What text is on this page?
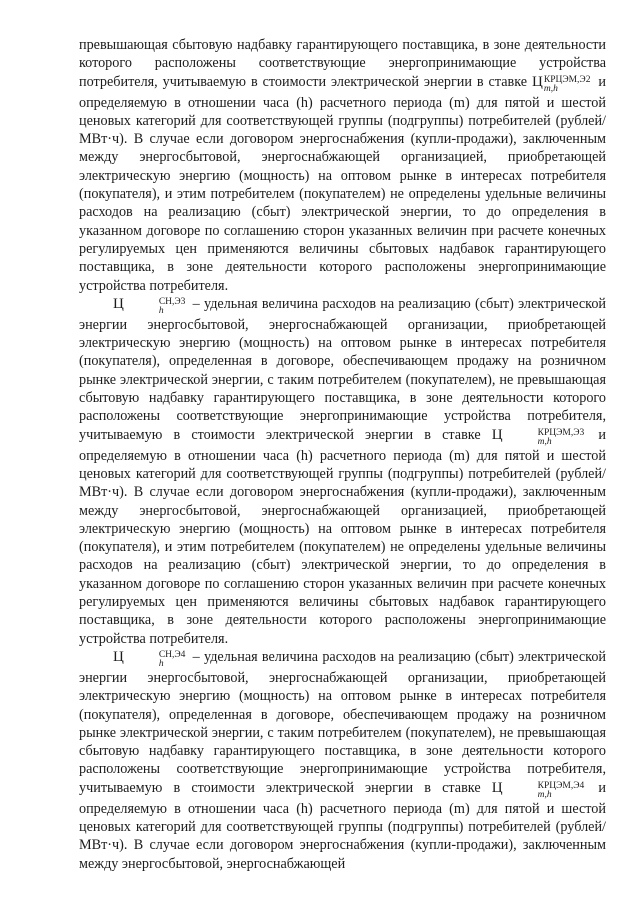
превышающая сбытовую надбавку гарантирующего поставщика, в зоне деятельности которого расположены соответствующие энергопринимающие устройства потребителя, учитываемую в стоимости электрической энергии в ставке Ц КРЦЭМ,Э2
m,h	и определяемую в отношении часа (h) расчетного периода (m) для пятой и шестой ценовых категорий для соответствующей группы (подгруппы) потребителей (рублей/МВт·ч). В случае если договором энергоснабжения (купли-продажи), заключенным между энергосбытовой, энергоснабжающей организацией, приобретающей электрическую энергию (мощность) на оптовом рынке в интересах потребителя (покупателя), и этим потребителем (покупателем) не определены удельные величины расходов на реализацию (сбыт) электрической энергии, то до определения в указанном договоре по соглашению сторон указанных величин при расчете конечных регулируемых цен применяются величины сбытовых надбавок гарантирующего поставщика, в зоне деятельности которого расположены энергопринимающие устройства потребителя.

Ц	СН,Э3
h	– удельная величина расходов на реализацию (сбыт) электрической энергии энергосбытовой, энергоснабжающей организации, приобретающей электрическую энергию (мощность) на оптовом рынке в интересах потребителя (покупателя), определенная в договоре, обеспечивающем продажу на розничном рынке электрической энергии, с таким потребителем (покупателем), не превышающая сбытовую надбавку гарантирующего поставщика, в зоне деятельности которого расположены соответствующие энергопринимающие устройства потребителя, учитываемую в стоимости электрической энергии в ставке Ц	КРЦЭМ,Э3
m,h	и определяемую в отношении часа (h) расчетного периода (m) для пятой и шестой ценовых категорий для соответствующей группы (подгруппы) потребителей (рублей/МВт·ч). В случае если договором энергоснабжения (купли-продажи), заключенным между энергосбытовой, энергоснабжающей организацией, приобретающей электрическую энергию (мощность) на оптовом рынке в интересах потребителя (покупателя), и этим потребителем (покупателем) не определены удельные величины расходов на реализацию (сбыт) электрической энергии, то до определения в указанном договоре по соглашению сторон указанных величин при расчете конечных регулируемых цен применяются величины сбытовых надбавок гарантирующего поставщика, в зоне деятельности которого расположены энергопринимающие устройства потребителя.

Ц	СН,Э4
h	– удельная величина расходов на реализацию (сбыт) электрической энергии энергосбытовой, энергоснабжающей организации, приобретающей электрическую энергию (мощность) на оптовом рынке в интересах потребителя (покупателя), определенная в договоре, обеспечивающем продажу на розничном рынке электрической энергии, с таким потребителем (покупателем), не превышающая сбытовую надбавку гарантирующего поставщика, в зоне деятельности которого расположены соответствующие энергопринимающие устройства потребителя, учитываемую в стоимости электрической энергии в ставке Ц	КРЦЭМ,Э4
m,h	и определяемую в отношении часа (h) расчетного периода (m) для пятой и шестой ценовых категорий для соответствующей группы (подгруппы) потребителей (рублей/МВт·ч). В случае если договором энергоснабжения (купли-продажи), заключенным между энергосбытовой, энергоснабжающей
